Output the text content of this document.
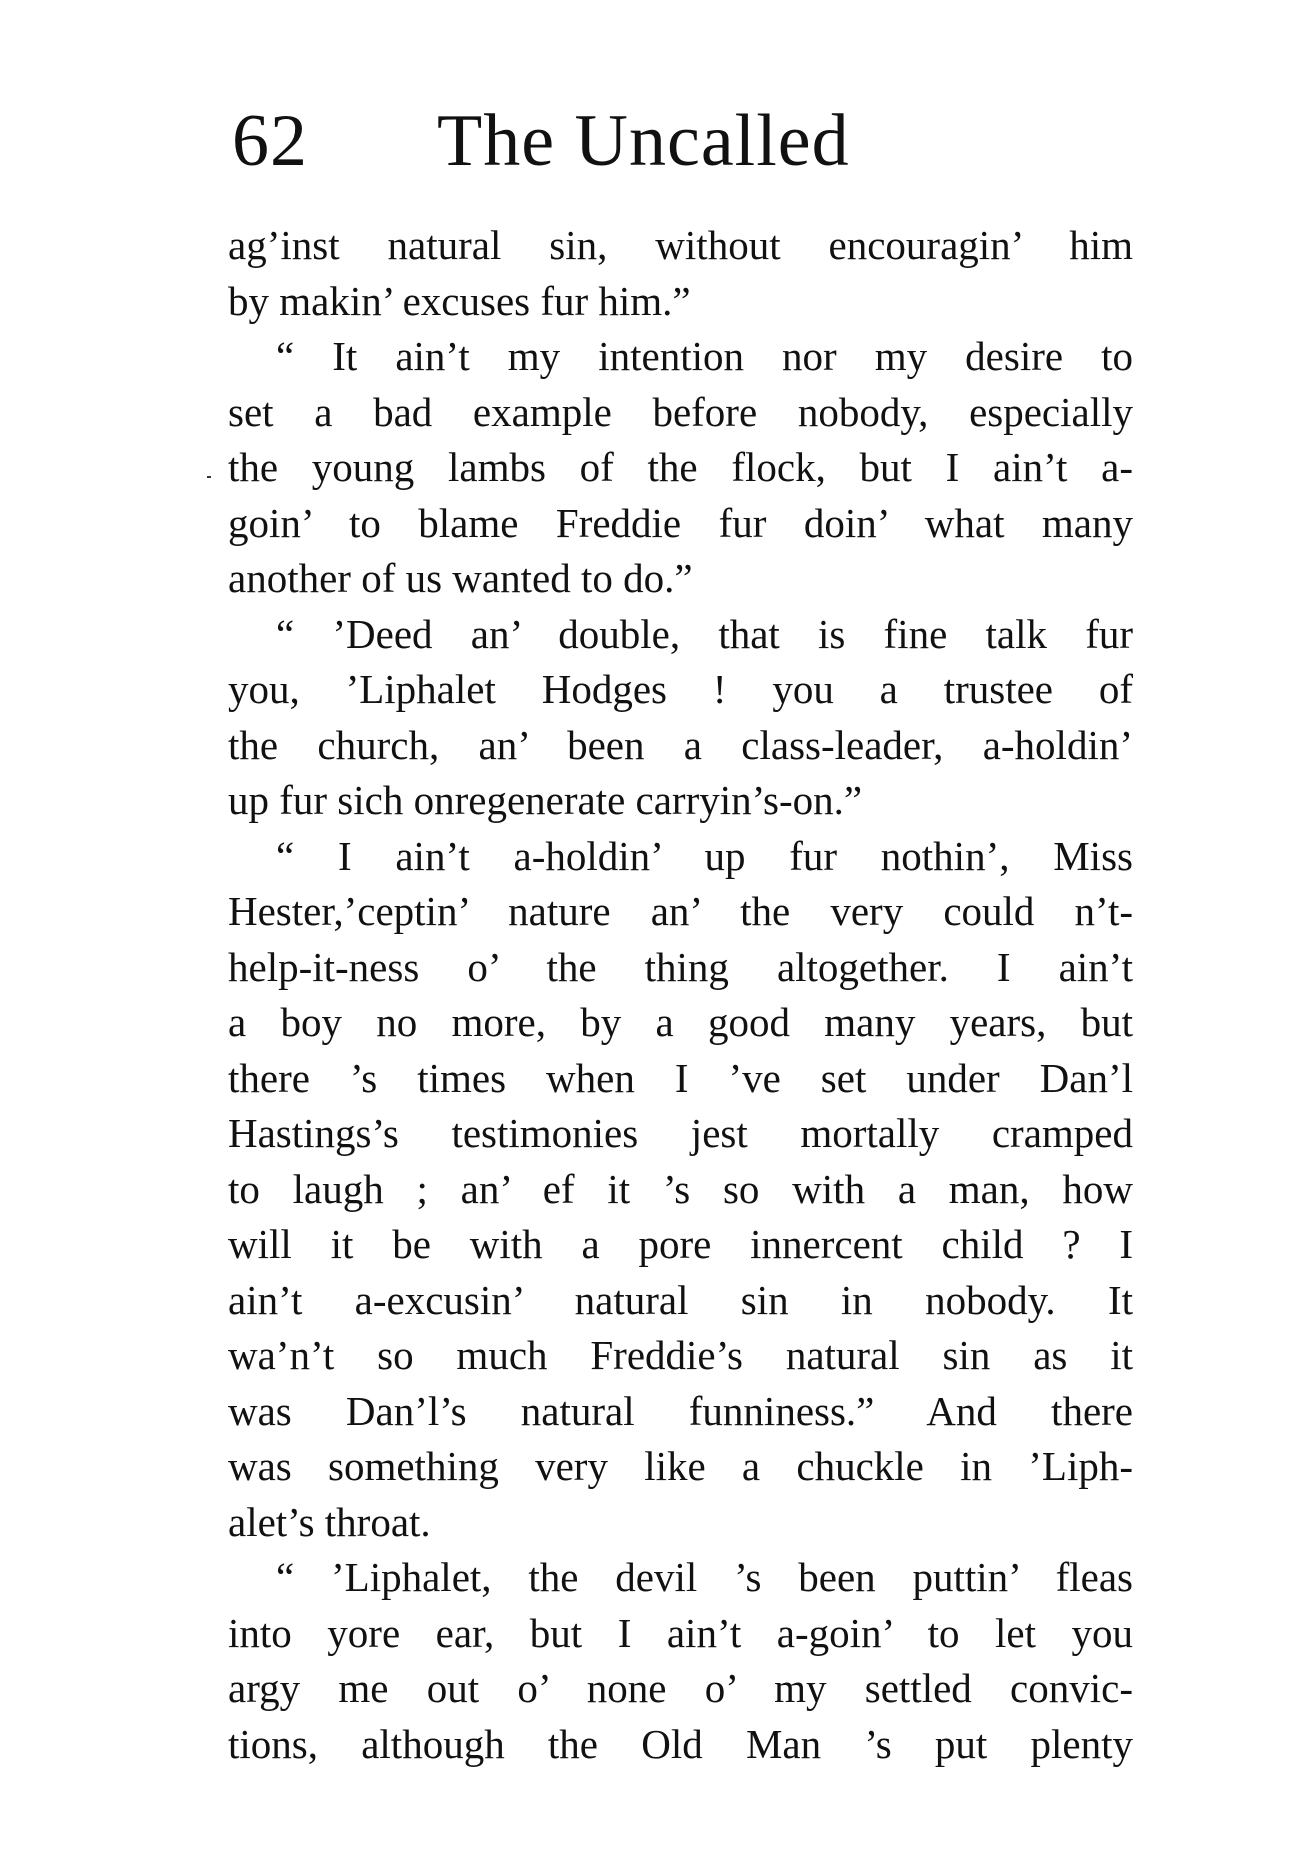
62 The Uncalled
ag’inst natural sin, without encouragin’ him
by makin’ excuses fur him.”
“ It ain’t my intention nor my desire to
set a bad example before nobody, especially
the young lambs of the flock, but I ain’t a-
goin’ to blame Freddie fur doin’ what many
another of us wanted to do.”
“ ’Deed an’ double, that is fine talk fur
you, ’Liphalet Hodges ! you a trustee of
the church, an’ been a class-leader, a-holdin’
up fur sich onregenerate carryin’s-on.”
“ I ain’t a-holdin’ up fur nothin’, Miss
Hester,’ceptin’ nature an’ the very could n’t-
help-it-ness o’ the thing altogether. I ain’t
a boy no more, by a good many years, but
there ’s times when I ’ve set under Dan’l
Hastings’s testimonies jest mortally cramped
to laugh ; an’ ef it ’s so with a man, how
will it be with a pore innercent child ? I
ain’t a-excusin’ natural sin in nobody. It
wa’n’t so much Freddie’s natural sin as it
was Dan’l’s natural funniness.” And there
was something very like a chuckle in ’Liph-
alet’s throat.
“ ’Liphalet, the devil ’s been puttin’ fleas
into yore ear, but I ain’t a-goin’ to let you
argy me out o’ none o’ my settled convic-
tions, although the Old Man ’s put plenty
